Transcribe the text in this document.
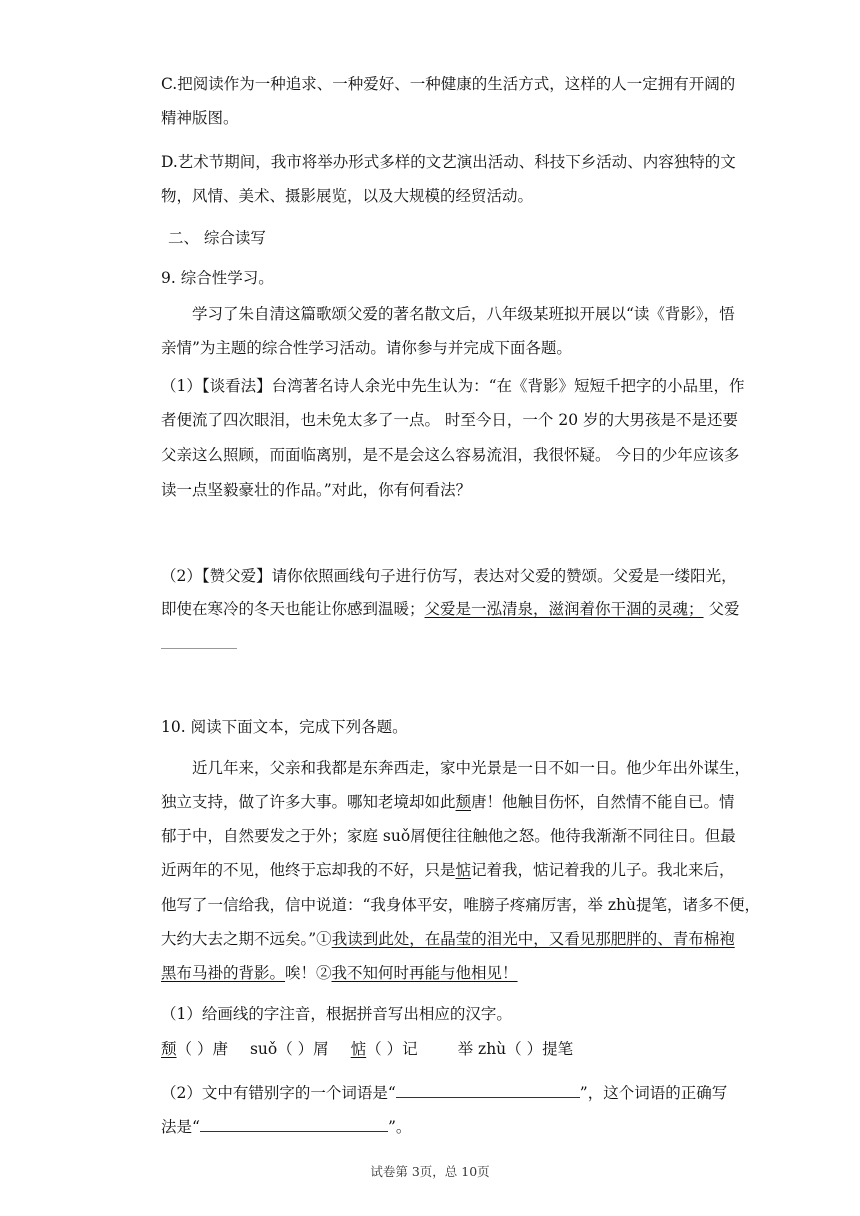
C.把阅读作为一种追求、一种爱好、一种健康的生活方式，这样的人一定拥有开阔的
精神版图。
D.艺术节期间，我市将举办形式多样的文艺演出活动、科技下乡活动、内容独特的文
物，风情、美术、摄影展览，以及大规模的经贸活动。
二、 综合读写
9. 综合性学习。
学习了朱自清这篇歌颂父爱的著名散文后，八年级某班拟开展以“读《背影》，悟
亲情”为主题的综合性学习活动。请你参与并完成下面各题。
（1）【谈看法】台湾著名诗人余光中先生认为：“在《背影》短短千把字的小品里，作
者便流了四次眼泪，也未免太多了一点。 时至今日，一个 20 岁的大男孩是不是还要
父亲这么照顾，而面临离别，是不是会这么容易流泪，我很怀疑。 今日的少年应该多
读一点坚毅豪壮的作品。”对此，你有何看法？
（2）【赞父爱】请你依照画线句子进行仿写，表达对父爱的赞颂。父爱是一缕阳光，
即使在寒冷的冬天也能让你感到温暖；父爱是一泓清泉，滋润着你干涸的灵魂； 父爱
10. 阅读下面文本，完成下列各题。
近几年来，父亲和我都是东奔西走，家中光景是一日不如一日。他少年出外谋生，
独立支持，做了许多大事。哪知老境却如此颓唐！他触目伤怀，自然情不能自已。情
郁于中，自然要发之于外；家庭 suǒ屑便往往触他之怒。他待我渐渐不同往日。但最
近两年的不见，他终于忘却我的不好，只是惦记着我，惦记着我的儿子。我北来后，
他写了一信给我，信中说道：“我身体平安，唯膀子疼痛厉害，举 zhù提笔，诸多不便，
大约大去之期不远矣。”①我读到此处，在晶莹的泪光中，又看见那肥胖的、青布棉袍
黑布马褂的背影。唉！②我不知何时再能与他相见！
（1）给画线的字注音，根据拼音写出相应的汉字。
颓（ ）唐 suǒ（ ）屑 惦（ ）记	举 zhù（ ）提笔
（2）文中有错别字的一个词语是“	”，这个词语的正确写
法是“	”。
试卷第 3页，总 10页
